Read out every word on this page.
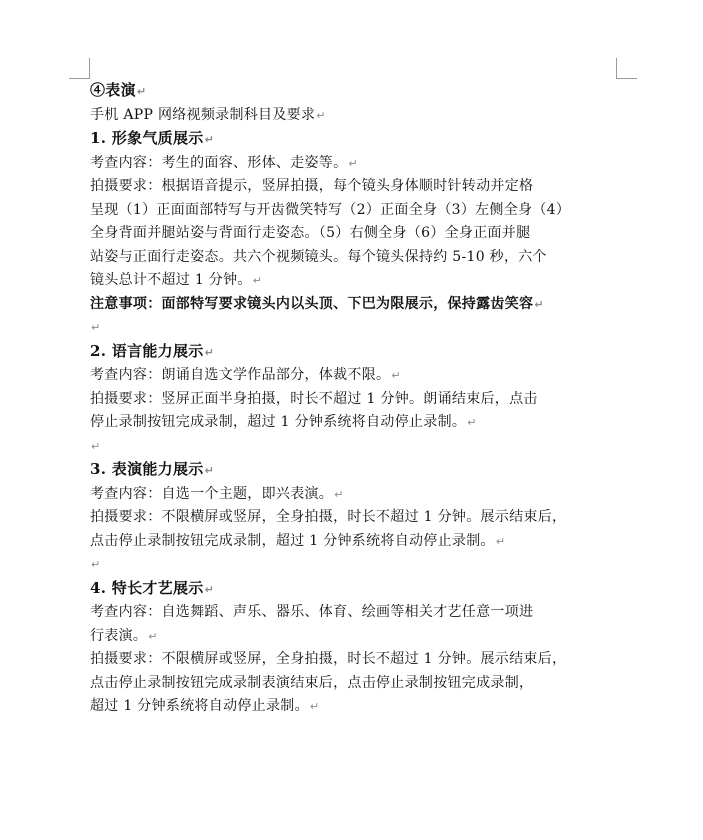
④表演↵
手机 APP 网络视频录制科目及要求↵
1. 形象气质展示↵
考查内容：考生的面容、形体、走姿等。↵
拍摄要求：根据语音提示，竖屏拍摄，每个镜头身体顺时针转动并定格
呈现（1）正面面部特写与开齿微笑特写（2）正面全身（3）左侧全身（4）
全身背面并腿站姿与背面行走姿态。（5）右侧全身（6）全身正面并腿
站姿与正面行走姿态。共六个视频镜头。每个镜头保持约 5-10 秒，六个
镜头总计不超过 1 分钟。↵
注意事项：面部特写要求镜头内以头顶、下巴为限展示，保持露齿笑容↵
↵
2. 语言能力展示↵
考查内容：朗诵自选文学作品部分，体裁不限。↵
拍摄要求：竖屏正面半身拍摄，时长不超过 1 分钟。朗诵结束后，点击
停止录制按钮完成录制，超过 1 分钟系统将自动停止录制。↵
↵
3. 表演能力展示↵
考查内容：自选一个主题，即兴表演。↵
拍摄要求：不限横屏或竖屏，全身拍摄，时长不超过 1 分钟。展示结束后，
点击停止录制按钮完成录制，超过 1 分钟系统将自动停止录制。↵
↵
4. 特长才艺展示↵
考查内容：自选舞蹈、声乐、器乐、体育、绘画等相关才艺任意一项进
行表演。↵
拍摄要求：不限横屏或竖屏，全身拍摄，时长不超过 1 分钟。展示结束后，
点击停止录制按钮完成录制表演结束后，点击停止录制按钮完成录制，
超过 1 分钟系统将自动停止录制。↵
